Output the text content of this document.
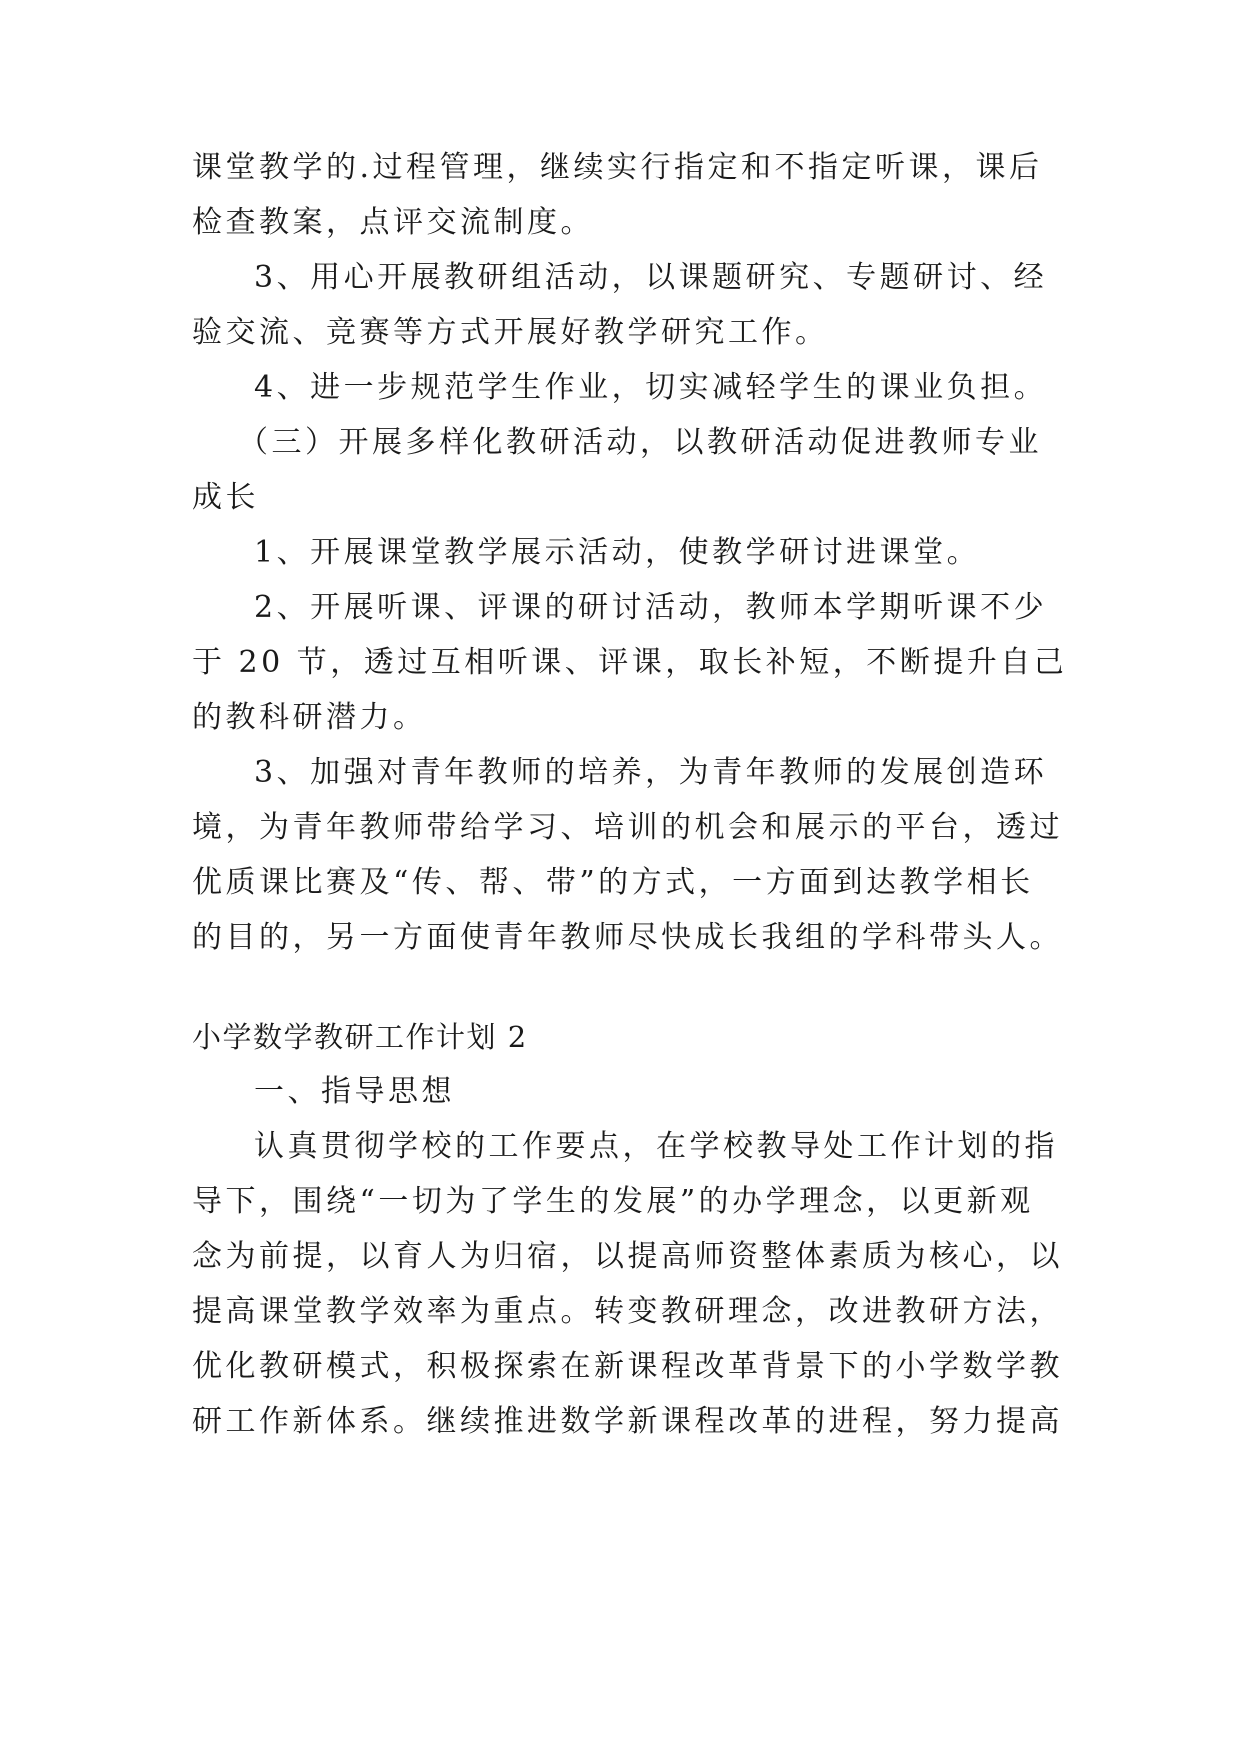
课堂教学的.过程管理，继续实行指定和不指定听课，课后
检查教案，点评交流制度。
3、用心开展教研组活动，以课题研究、专题研讨、经
验交流、竞赛等方式开展好教学研究工作。
4、进一步规范学生作业，切实减轻学生的课业负担。
（三）开展多样化教研活动，以教研活动促进教师专业
成长
1、开展课堂教学展示活动，使教学研讨进课堂。
2、开展听课、评课的研讨活动，教师本学期听课不少
于 20 节，透过互相听课、评课，取长补短，不断提升自己
的教科研潜力。
3、加强对青年教师的培养，为青年教师的发展创造环
境，为青年教师带给学习、培训的机会和展示的平台，透过
优质课比赛及“传、帮、带”的方式，一方面到达教学相长
的目的，另一方面使青年教师尽快成长我组的学科带头人。
小学数学教研工作计划 2
一、指导思想
认真贯彻学校的工作要点，在学校教导处工作计划的指
导下，围绕“一切为了学生的发展”的办学理念，以更新观
念为前提，以育人为归宿，以提高师资整体素质为核心，以
提高课堂教学效率为重点。转变教研理念，改进教研方法，
优化教研模式，积极探索在新课程改革背景下的小学数学教
研工作新体系。继续推进数学新课程改革的进程，努力提高
